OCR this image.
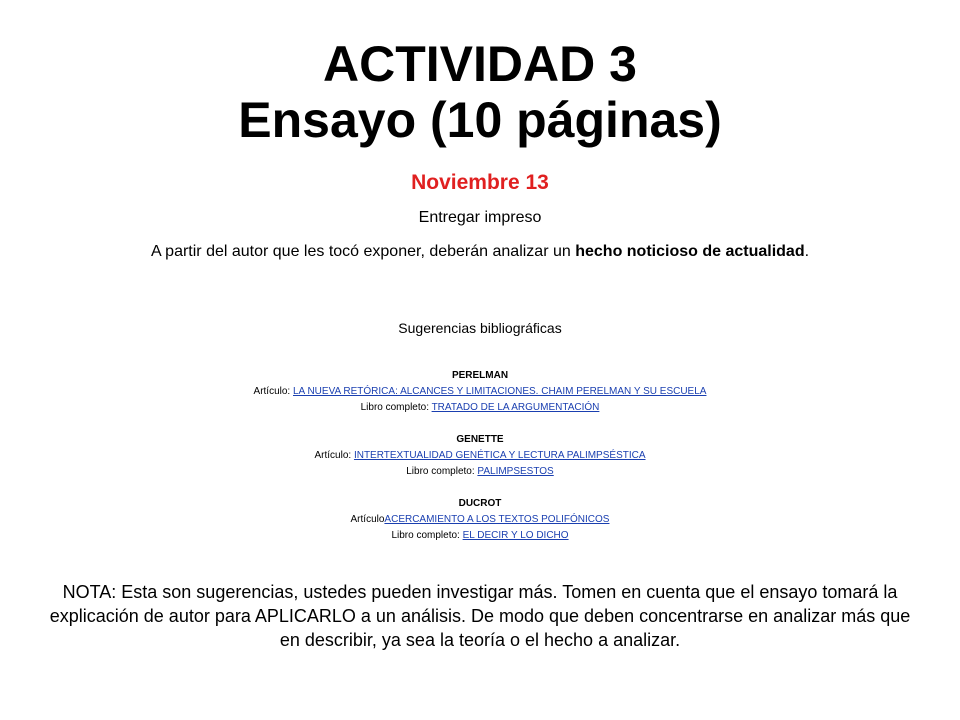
ACTIVIDAD 3
Ensayo (10 páginas)
Noviembre 13
Entregar impreso
A partir del autor que les tocó exponer, deberán analizar un hecho noticioso de actualidad.
Sugerencias bibliográficas
PERELMAN
Artículo: LA NUEVA RETÓRICA: ALCANCES Y LIMITACIONES. CHAIM PERELMAN Y SU ESCUELA
Libro completo: TRATADO DE LA ARGUMENTACIÓN
GENETTE
Artículo: INTERTEXTUALIDAD GENÉTICA Y LECTURA PALIMPSÉSTICA
Libro completo: PALIMPSESTOS
DUCROT
ArtículoACERCAMIENTO A LOS TEXTOS POLIFÓNICOS
Libro completo: EL DECIR Y LO DICHO
NOTA: Esta son sugerencias, ustedes pueden investigar más. Tomen en cuenta que el ensayo tomará la explicación de autor para APLICARLO a un análisis. De modo que deben concentrarse en analizar más que en describir, ya sea la teoría o el hecho a analizar.
